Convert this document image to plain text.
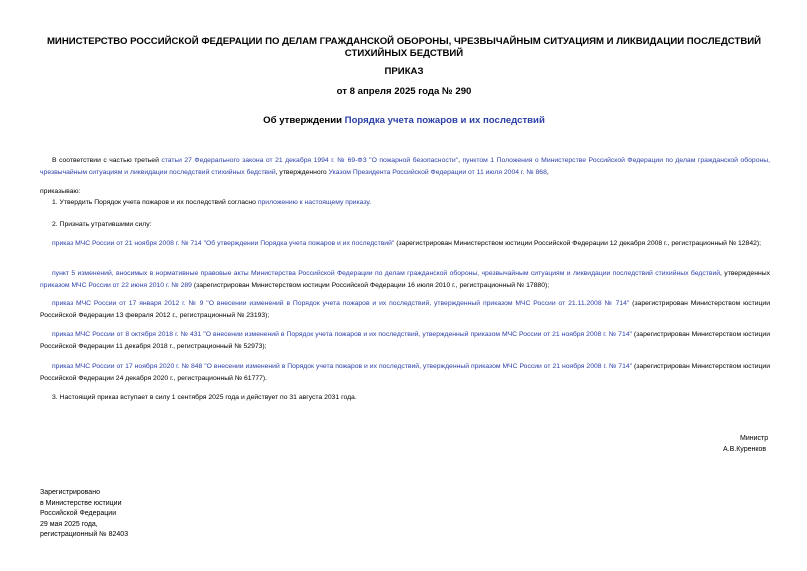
МИНИСТЕРСТВО РОССИЙСКОЙ ФЕДЕРАЦИИ ПО ДЕЛАМ ГРАЖДАНСКОЙ ОБОРОНЫ, ЧРЕЗВЫЧАЙНЫМ СИТУАЦИЯМ И ЛИКВИДАЦИИ ПОСЛЕДСТВИЙ СТИХИЙНЫХ БЕДСТВИЙ
ПРИКАЗ
от 8 апреля 2025 года № 290
Об утверждении Порядка учета пожаров и их последствий
В соответствии с частью третьей статьи 27 Федерального закона от 21 декабря 1994 г. № 69-ФЗ "О пожарной безопасности", пунктом 1 Положения о Министерстве Российской Федерации по делам гражданской обороны, чрезвычайным ситуациям и ликвидации последствий стихийных бедствий, утвержденного Указом Президента Российской Федерации от 11 июля 2004 г. № 868,
приказываю:
1. Утвердить Порядок учета пожаров и их последствий согласно приложению к настоящему приказу.
2. Признать утратившими силу:
приказ МЧС России от 21 ноября 2008 г. № 714 "Об утверждении Порядка учета пожаров и их последствий" (зарегистрирован Министерством юстиции Российской Федерации 12 декабря 2008 г., регистрационный № 12842);
пункт 5 изменений, вносимых в нормативные правовые акты Министерства Российской Федерации по делам гражданской обороны, чрезвычайным ситуациям и ликвидации последствий стихийных бедствий, утвержденных приказом МЧС России от 22 июня 2010 г. № 289 (зарегистрирован Министерством юстиции Российской Федерации 16 июля 2010 г., регистрационный № 17880);
приказ МЧС России от 17 января 2012 г. № 9 "О внесении изменений в Порядок учета пожаров и их последствий, утвержденный приказом МЧС России от 21.11.2008 № 714" (зарегистрирован Министерством юстиции Российской Федерации 13 февраля 2012 г., регистрационный № 23193);
приказ МЧС России от 8 октября 2018 г. № 431 "О внесении изменений в Порядок учета пожаров и их последствий, утвержденный приказом МЧС России от 21 ноября 2008 г. № 714" (зарегистрирован Министерством юстиции Российской Федерации 11 декабря 2018 г., регистрационный № 52973);
приказ МЧС России от 17 ноября 2020 г. № 848 "О внесении изменений в Порядок учета пожаров и их последствий, утвержденный приказом МЧС России от 21 ноября 2008 г. № 714" (зарегистрирован Министерством юстиции Российской Федерации 24 декабря 2020 г., регистрационный № 61777).
3. Настоящий приказ вступает в силу 1 сентября 2025 года и действует по 31 августа 2031 года.
Министр
А.В.Куренков
Зарегистрировано
в Министерстве юстиции
Российской Федерации
29 мая 2025 года,
регистрационный № 82403
